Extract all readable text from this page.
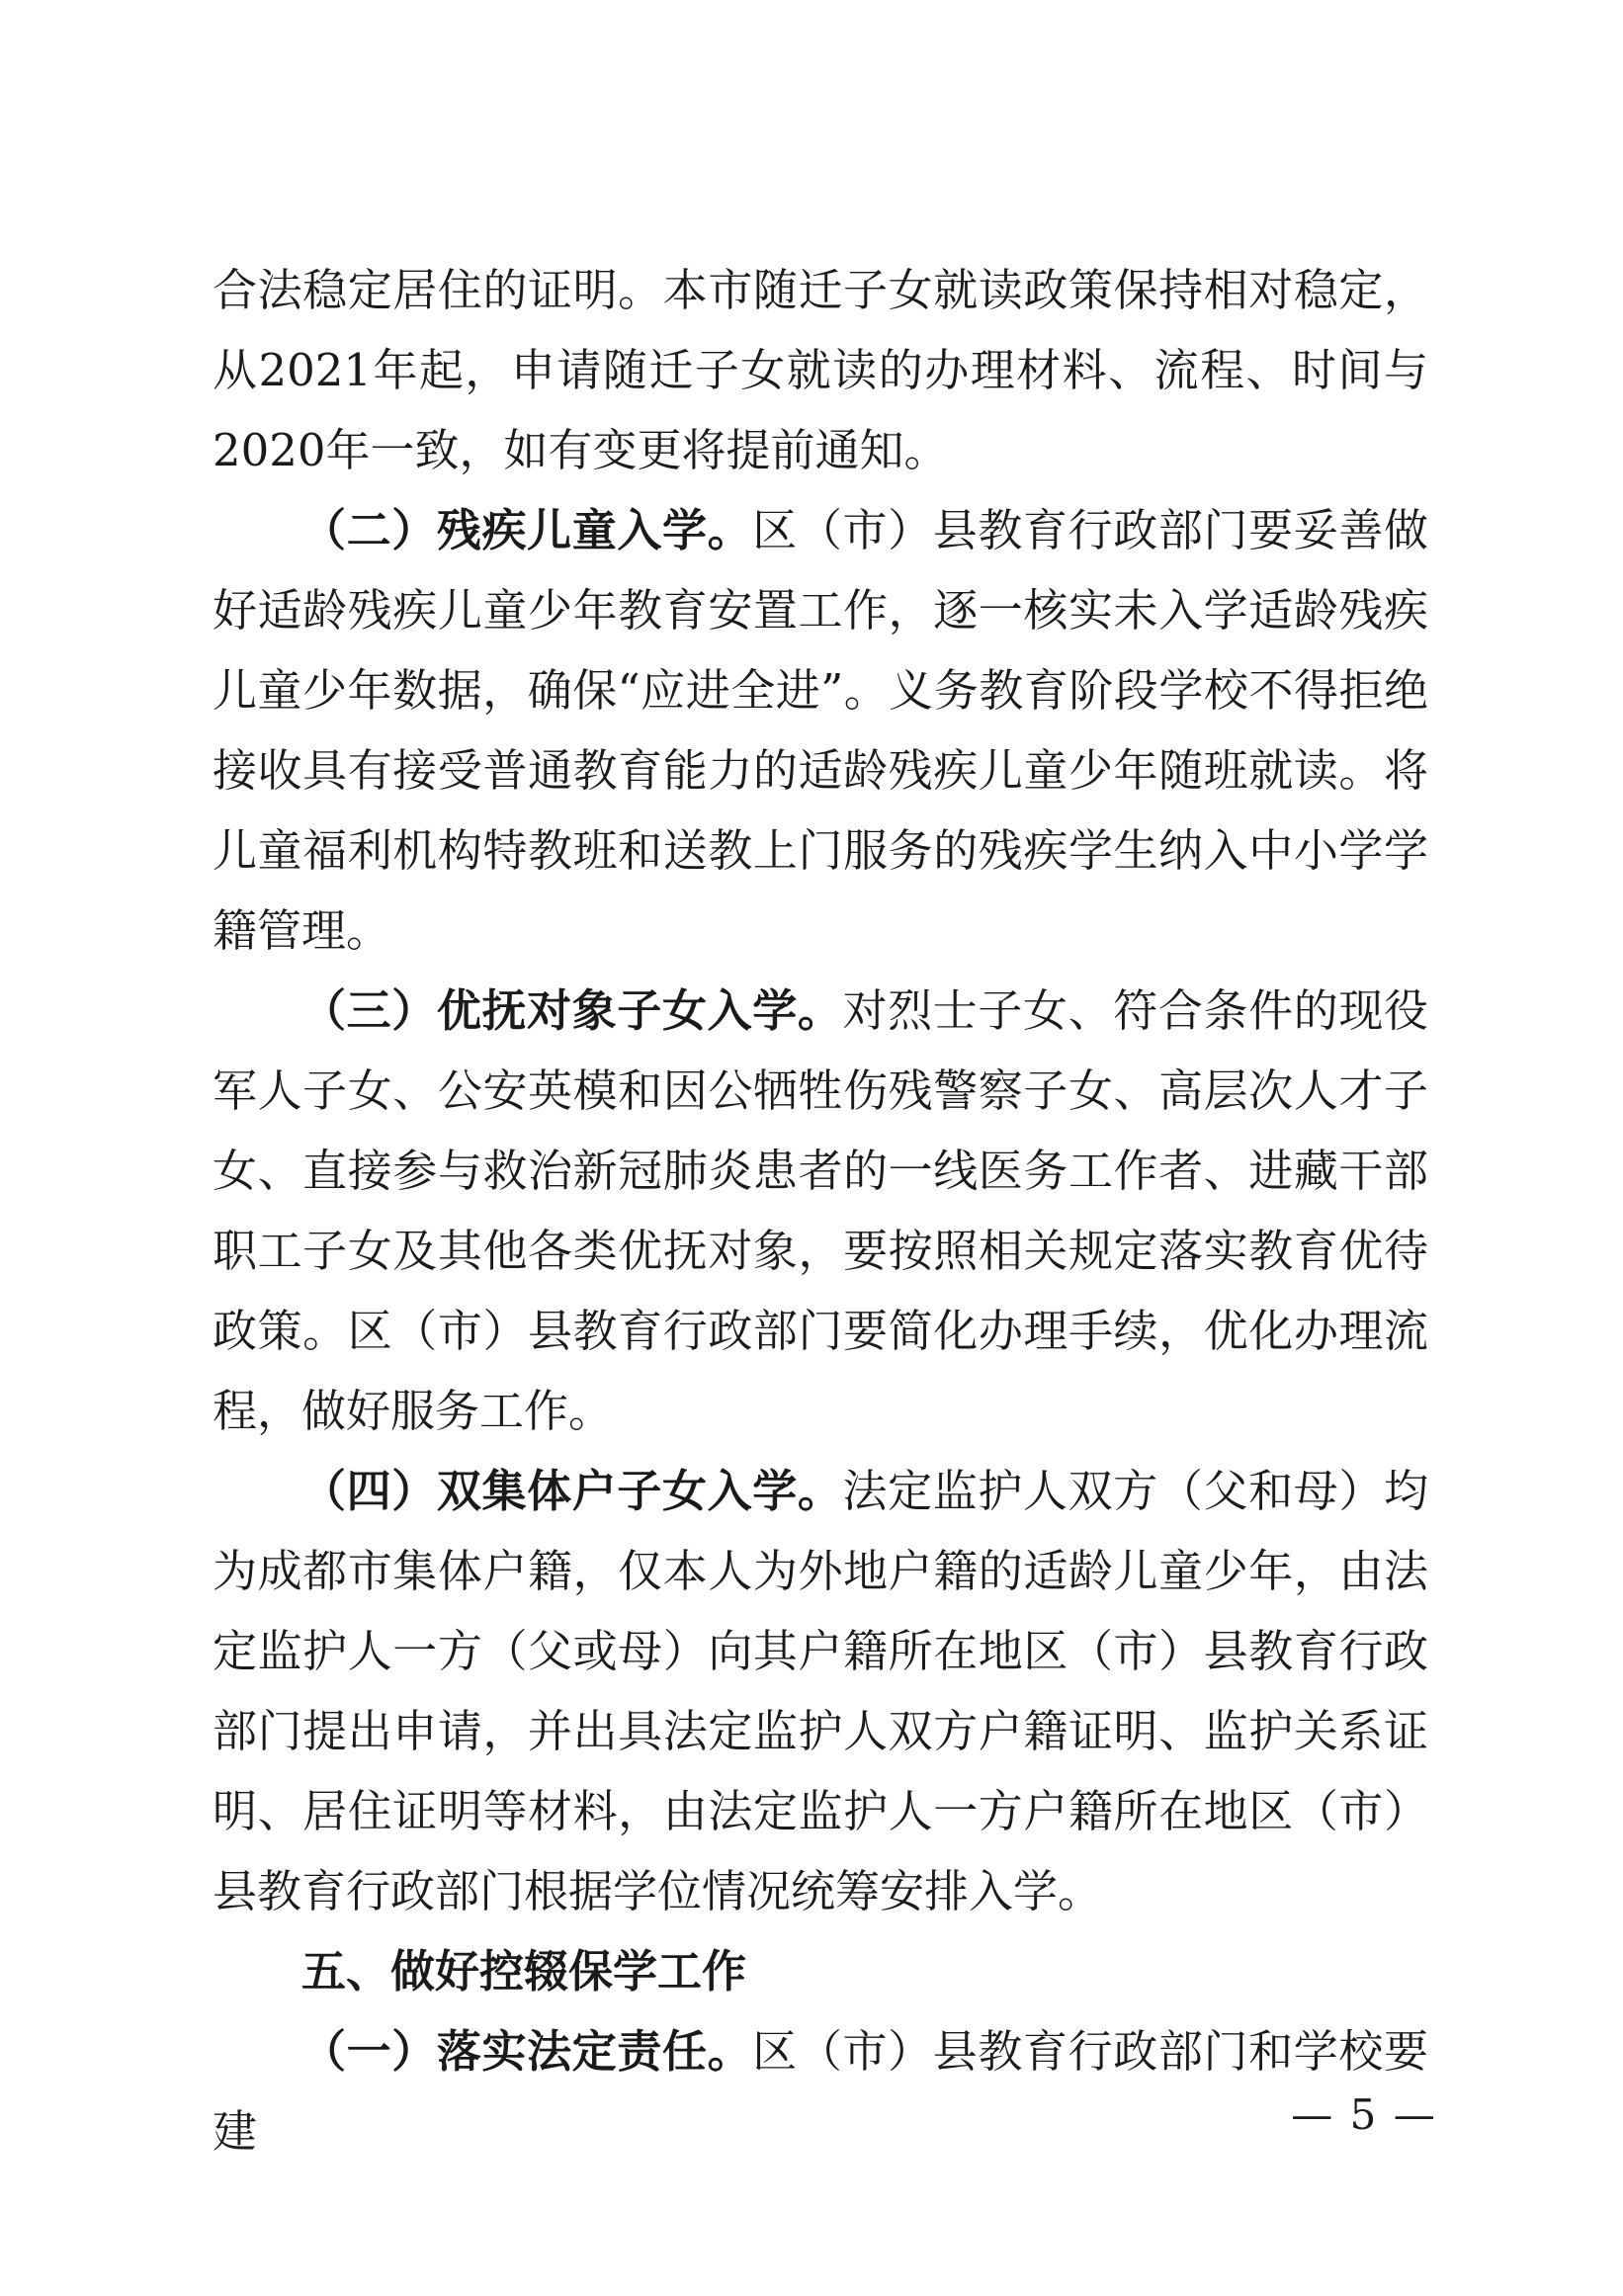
合法稳定居住的证明。本市随迁子女就读政策保持相对稳定，从2021年起，申请随迁子女就读的办理材料、流程、时间与2020年一致，如有变更将提前通知。

（二）残疾儿童入学。区（市）县教育行政部门要妥善做好适龄残疾儿童少年教育安置工作，逐一核实未入学适龄残疾儿童少年数据，确保“应进全进”。义务教育阶段学校不得拒绝接收具有接受普通教育能力的适龄残疾儿童少年随班就读。将儿童福利机构特教班和送教上门服务的残疾学生纳入中小学学籍管理。

（三）优抚对象子女入学。对烈士子女、符合条件的现役军人子女、公安英模和因公牺牲伤残警察子女、高层次人才子女、直接参与救治新冠肺炎患者的一线医务工作者、进藏干部职工子女及其他各类优抚对象，要按照相关规定落实教育优待政策。区（市）县教育行政部门要简化办理手续，优化办理流程，做好服务工作。

（四）双集体户子女入学。法定监护人双方（父和母）均为成都市集体户籍，仅本人为外地户籍的适龄儿童少年，由法定监护人一方（父或母）向其户籍所在地区（市）县教育行政部门提出申请，并出具法定监护人双方户籍证明、监护关系证明、居住证明等材料，由法定监护人一方户籍所在地区（市）县教育行政部门根据学位情况统筹安排入学。

五、做好控辍保学工作

（一）落实法定责任。区（市）县教育行政部门和学校要建	— 5 —
